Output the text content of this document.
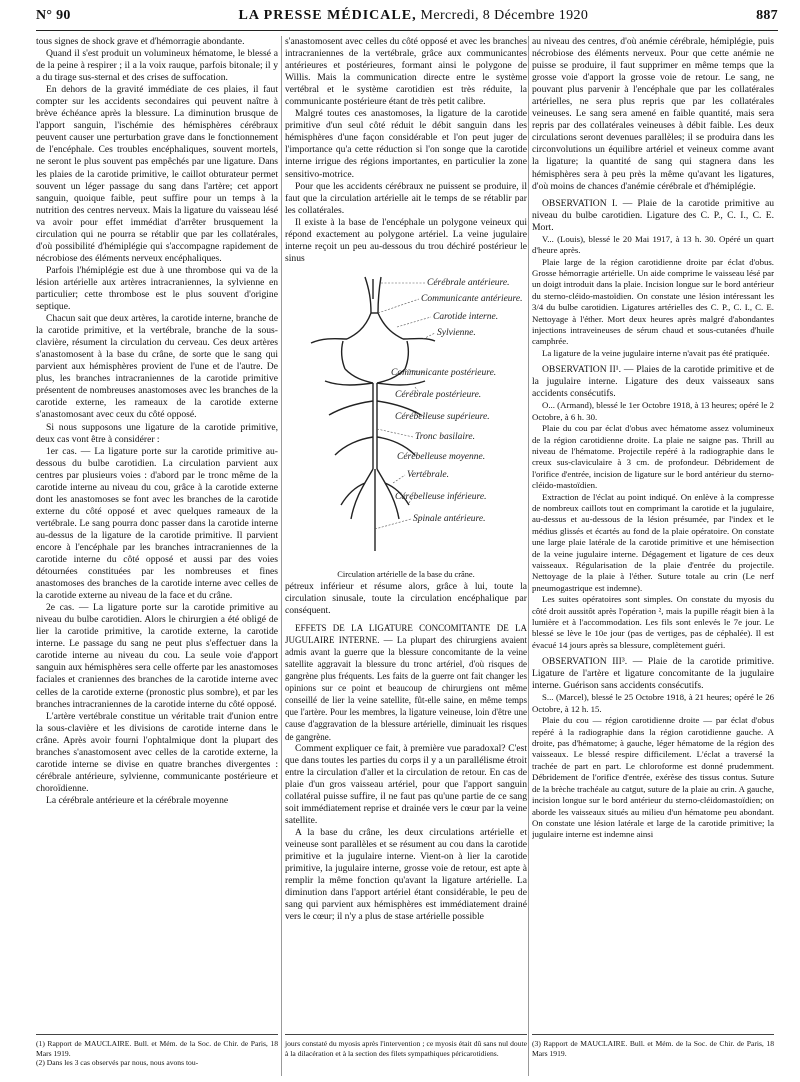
N° 90	LA PRESSE MÉDICALE, Mercredi, 8 Décembre 1920	887

tous signes de shock grave et d'hémorragie abondante.

Quand il s'est produit un volumineux hématome, le blessé a de la peine à respirer ; il a la voix rauque, parfois bitonale; il y a du tirage sus-sternal et des crises de suffocation.

En dehors de la gravité immédiate de ces plaies, il faut compter sur les accidents secondaires qui peuvent naître à brève échéance après la blessure. La diminution brusque de l'apport sanguin, l'ischémie des hémisphères cérébraux peuvent causer une perturbation grave dans le fonctionnement de l'encéphale. Ces troubles encéphaliques, souvent mortels, ne seront le plus souvent pas empêchés par une ligature. Dans les plaies de la carotide primitive, le caillot obturateur permet souvent un léger passage du sang dans l'artère; cet apport sanguin, quoique faible, peut suffire pour un temps à la nutrition des centres nerveux. Mais la ligature du vaisseau lésé va avoir pour effet immédiat d'arrêter brusquement la circulation qui ne pourra se rétablir que par les collatérales, d'où possibilité d'hémiplégie qui s'accompagne rapidement de nécrobiose des éléments nerveux encéphaliques.

Parfois l'hémiplégie est due à une thrombose qui va de la lésion artérielle aux artères intracraniennes, la sylvienne en particulier; cette thrombose est le plus souvent d'origine septique.

Chacun sait que deux artères, la carotide interne, branche de la carotide primitive, et la vertébrale, branche de la sous-clavière, résument la circulation du cerveau. Ces deux artères s'anastomosent à la base du crâne, de sorte que le sang qui parvient aux hémisphères provient de l'une et de l'autre. De plus, les branches intracraniennes de la carotide primitive présentent de nombreuses anastomoses avec les branches de la carotide externe, les rameaux de la carotide externe s'anastomosant avec ceux du côté opposé.

Si nous supposons une ligature de la carotide primitive, deux cas vont être à considérer :

1er cas. — La ligature porte sur la carotide primitive au-dessous du bulbe carotidien. La circulation parvient aux centres par plusieurs voies : d'abord par le tronc même de la carotide interne au niveau du cou, grâce à la carotide externe dont les anastomoses se font avec les branches de la carotide externe du côté opposé et avec quelques rameaux de la vertébrale. Le sang pourra donc passer dans la carotide interne au-dessus de la ligature de la carotide primitive. Il parvient encore à l'encéphale par les branches intracraniennes de la carotide interne du côté opposé et aussi par des voies détournées constituées par les nombreuses et fines anastomoses des branches de la carotide interne avec celles de la carotide externe au niveau de la face et du crâne.

2e cas. — La ligature porte sur la carotide primitive au niveau du bulbe carotidien. Alors le chirurgien a été obligé de lier la carotide primitive, la carotide externe, la carotide interne. Le passage du sang ne peut plus s'effectuer dans la carotide interne au niveau du cou. La seule voie d'apport sanguin aux hémisphères sera celle offerte par les anastomoses faciales et craniennes des branches de la carotide interne avec celles de la carotide externe (pronostic plus sombre), et par les branches intracraniennes de la carotide interne du côté opposé.

L'artère vertébrale constitue un véritable trait d'union entre la sous-clavière et les divisions de carotide interne dans le crâne. Après avoir fourni l'ophtalmique dont la plupart des branches s'anastomosent avec celles de la carotide externe, la carotide interne se divise en quatre branches divergentes : cérébrale antérieure, sylvienne, communicante postérieure et choroïdienne.

La cérébrale antérieure et la cérébrale moyenne

s'anastomosent avec celles du côté opposé et avec les branches intracraniennes de la vertébrale, grâce aux communicantes antérieures et postérieures, formant ainsi le polygone de Willis. Mais la communication directe entre le système vertébral et le système carotidien est très réduite, la communicante postérieure étant de très petit calibre.

Malgré toutes ces anastomoses, la ligature de la carotide primitive d'un seul côté réduit le débit sanguin dans les hémisphères d'une façon considérable et l'on peut juger de l'importance qu'a cette réduction si l'on songe que la carotide interne irrigue des régions importantes, en particulier la zone sensitivo-motrice.

Pour que les accidents cérébraux ne puissent se produire, il faut que la circulation artérielle ait le temps de se rétablir par les collatérales.

Il existe à la base de l'encéphale un polygone veineux qui répond exactement au polygone artériel. La veine jugulaire interne reçoit un peu au-dessous du trou déchiré postérieur le sinus

Cérébrale antérieure.
Communicante antérieure.
Carotide interne.
Sylvienne.
Communicante postérieure.
Cérébrale postérieure.
Cérébelleuse supérieure.
Tronc basilaire.
Cérébelleuse moyenne.
Vertébrale.
Cérébelleuse inférieure.
Spinale antérieure.

Circulation artérielle de la base du crâne.

pétreux inférieur et résume alors, grâce à lui, toute la circulation sinusale, toute la circulation encéphalique par conséquent.

EFFETS DE LA LIGATURE CONCOMITANTE DE LA JUGULAIRE INTERNE. — La plupart des chirurgiens avaient admis avant la guerre que la blessure concomitante de la veine satellite aggravait la blessure du tronc artériel, d'où risques de gangrène plus fréquents. Les faits de la guerre ont fait changer les opinions sur ce point et beaucoup de chirurgiens ont même conseillé de lier la veine satellite, fût-elle saine, en même temps que l'artère. Pour les membres, la ligature veineuse, loin d'être une cause d'aggravation de la blessure artérielle, diminuait les risques de gangrène.

Comment expliquer ce fait, à première vue paradoxal? C'est que dans toutes les parties du corps il y a un parallélisme étroit entre la circulation d'aller et la circulation de retour. En cas de plaie d'un gros vaisseau artériel, pour que l'apport sanguin collatéral puisse suffire, il ne faut pas qu'une partie de ce sang soit immédiatement reprise et drainée vers le cœur par la veine satellite.

A la base du crâne, les deux circulations artérielle et veineuse sont parallèles et se résument au cou dans la carotide primitive et la jugulaire interne. Vient-on à lier la carotide primitive, la jugulaire interne, grosse voie de retour, est apte à remplir la même fonction qu'avant la ligature artérielle. La diminution dans l'apport artériel étant considérable, le peu de sang qui parvient aux hémisphères est immédiatement drainé vers le cœur; il n'y a plus de stase artérielle possible

au niveau des centres, d'où anémie cérébrale, hémiplégie, puis nécrobiose des éléments nerveux. Pour que cette anémie ne puisse se produire, il faut supprimer en même temps que la grosse voie d'apport la grosse voie de retour. Le sang, ne pouvant plus parvenir à l'encéphale que par les collatérales artérielles, ne sera plus repris que par les collatérales veineuses. Le sang sera amené en faible quantité, mais sera repris par des collatérales veineuses à débit faible. Les deux circulations seront devenues parallèles; il se produira dans les circonvolutions un équilibre artériel et veineux comme avant la ligature; la quantité de sang qui stagnera dans les hémisphères sera à peu près la même qu'avant les ligatures, d'où moins de chances d'anémie cérébrale et d'hémiplégie.

OBSERVATION I. — Plaie de la carotide primitive au niveau du bulbe carotidien. Ligature des C. P., C. I., C. E. Mort.

V... (Louis), blessé le 20 Mai 1917, à 13 h. 30. Opéré un quart d'heure après.

Plaie large de la région carotidienne droite par éclat d'obus. Grosse hémorragie artérielle. Un aide comprime le vaisseau lésé par un doigt introduit dans la plaie. Incision longue sur le bord antérieur du sterno-cléido-mastoïdien. On constate une lésion intéressant les 3/4 du bulbe carotidien. Ligatures artérielles des C. P., C. I., C. E. Nettoyage à l'éther. Mort deux heures après malgré d'abondantes injections intraveineuses de sérum chaud et sous-cutanées d'huile camphrée.

La ligature de la veine jugulaire interne n'avait pas été pratiquée.

OBSERVATION II¹. — Plaies de la carotide primitive et de la jugulaire interne. Ligature des deux vaisseaux sans accidents consécutifs.

O... (Armand), blessé le 1er Octobre 1918, à 13 heures; opéré le 2 Octobre, à 6 h. 30.

Plaie du cou par éclat d'obus avec hématome assez volumineux de la région carotidienne droite. La plaie ne saigne pas. Thrill au niveau de l'hématome. Projectile repéré à la radiographie dans le creux sus-claviculaire à 3 cm. de profondeur. Débridement de l'orifice d'entrée, incision de ligature sur le bord antérieur du sterno-cléido-mastoïdien.

Extraction de l'éclat au point indiqué. On enlève à la compresse de nombreux caillots tout en comprimant la carotide et la jugulaire, au-dessus et au-dessous de la lésion présumée, par l'index et le médius glissés et écartés au fond de la plaie opératoire. On constate une large plaie latérale de la carotide primitive et une hémisection de la veine jugulaire interne. Dégagement et ligature de ces deux vaisseaux. Régularisation de la plaie d'entrée du projectile. Nettoyage de la plaie à l'éther. Suture totale au crin (Le nerf pneumogastrique est indemne).

Les suites opératoires sont simples. On constate du myosis du côté droit aussitôt après l'opération ², mais la pupille réagit bien à la lumière et à l'accommodation. Les fils sont enlevés le 7e jour. Le blessé se lève le 10e jour (pas de vertiges, pas de céphalée). Il est évacué 14 jours après sa blessure, complètement guéri.

OBSERVATION III³. — Plaie de la carotide primitive. Ligature de l'artère et ligature concomitante de la jugulaire interne. Guérison sans accidents consécutifs.

S... (Marcel), blessé le 25 Octobre 1918, à 21 heures; opéré le 26 Octobre, à 12 h. 15.

Plaie du cou — région carotidienne droite — par éclat d'obus repéré à la radiographie dans la région carotidienne gauche. A droite, pas d'hématome; à gauche, léger hématome de la région des vaisseaux. Le blessé respire difficilement. L'éclat a traversé la trachée de part en part. Le chloroforme est donné prudemment. Débridement de l'orifice d'entrée, exérèse des tissus contus. Suture de la brèche trachéale au catgut, suture de la plaie au crin. A gauche, incision longue sur le bord antérieur du sterno-cléidomastoïdien; on aborde les vaisseaux situés au milieu d'un hématome peu abondant. On constate une lésion latérale et large de la carotide primitive; la jugulaire interne est indemne ainsi

(1) Rapport de MAUCLAIRE. Bull. et Mém. de la Soc. de Chir. de Paris, 18 Mars 1919.

(2) Dans les 3 cas observés par nous, nous avons tou-

jours constaté du myosis après l'intervention ; ce myosis était dû sans nul doute à la dilacération et à la section des filets sympathiques péricarotidiens.

(3) Rapport de MAUCLAIRE. Bull. et Mém. de la Soc. de Chir. de Paris, 18 Mars 1919.
